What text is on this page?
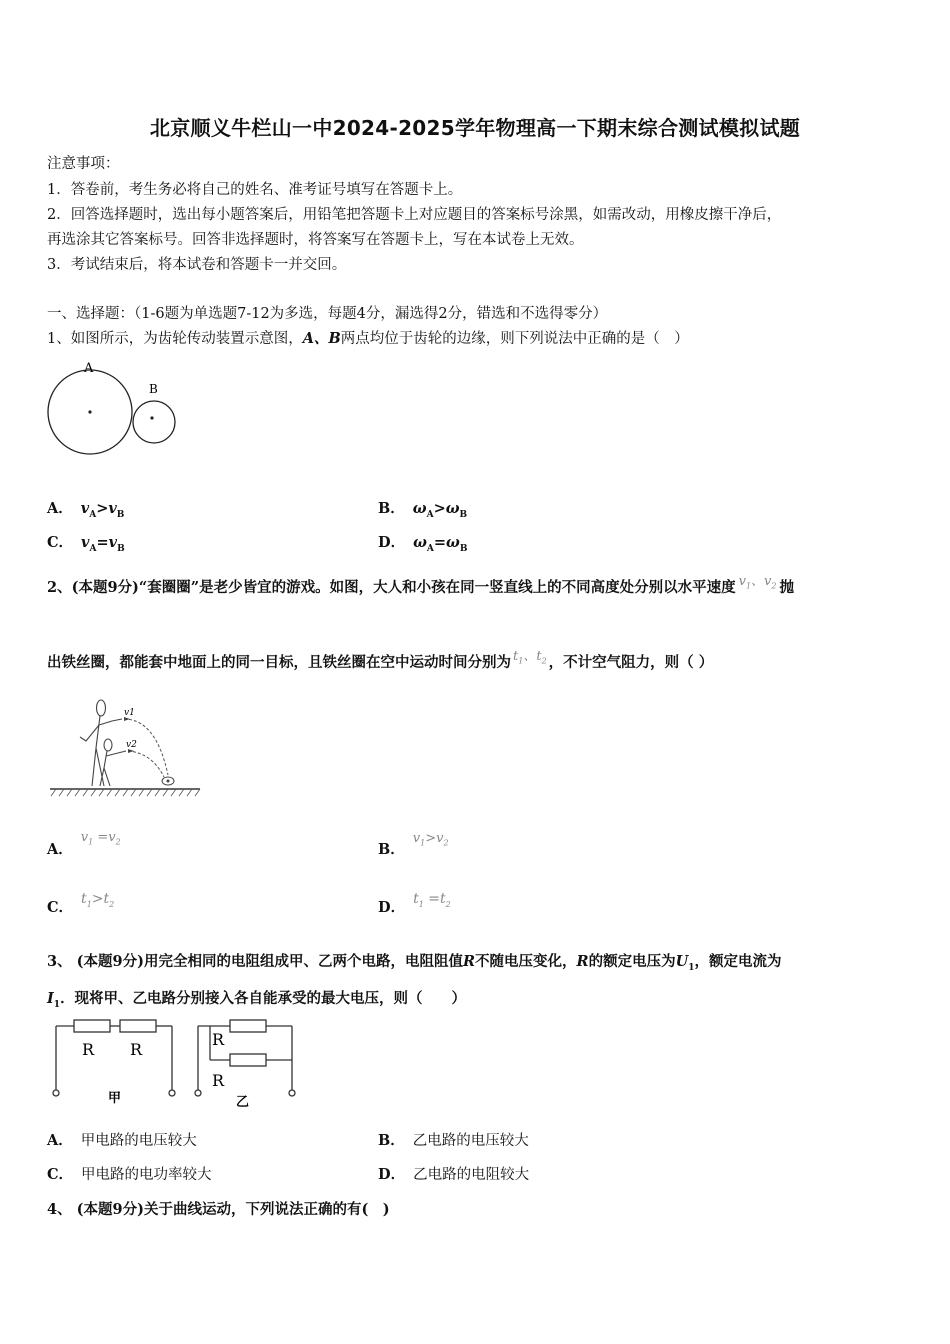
北京顺义牛栏山一中2024-2025学年物理高一下期末综合测试模拟试题
注意事项：
1．答卷前，考生务必将自己的姓名、准考证号填写在答题卡上。
2．回答选择题时，选出每小题答案后，用铅笔把答题卡上对应题目的答案标号涂黑，如需改动，用橡皮擦干净后，
再选涂其它答案标号。回答非选择题时，将答案写在答题卡上，写在本试卷上无效。
3．考试结束后，将本试卷和答题卡一并交回。
一、选择题：（1-6题为单选题7-12为多选，每题4分，漏选得2分，错选和不选得零分）
1、如图所示，为齿轮传动装置示意图，A、B两点均位于齿轮的边缘，则下列说法中正确的是（　）
A
B
A． $v_A>v_B$	B． $\omega_A>\omega_B$
C． $v_A=v_B$	D． $\omega_A=\omega_B$
2、(本题9分)“套圈圈”是老少皆宜的游戏。如图，大人和小孩在同一竖直线上的不同高度处分别以水平速度 $v_1$、$v_2$ 抛
出铁丝圈，都能套中地面上的同一目标，且铁丝圈在空中运动时间分别为 $t_1$、$t_2$ ，不计空气阻力，则（ ）
v1
v2
A．$v_1 =v_2$	B．$v_1>v_2$
C． $t_1>t_2$	D． $t_1 =t_2$
3、 (本题9分)用完全相同的电阻组成甲、乙两个电路，电阻阻值R不随电压变化，R的额定电压为$U_1$，额定电流为
$I_1$．现将甲、乙电路分别接入各自能承受的最大电压，则（　　）
R R
R
R
甲	乙
A． 甲电路的电压较大	B． 乙电路的电压较大
C． 甲电路的电功率较大	D． 乙电路的电阻较大
4、 (本题9分)关于曲线运动，下列说法正确的有(　)
